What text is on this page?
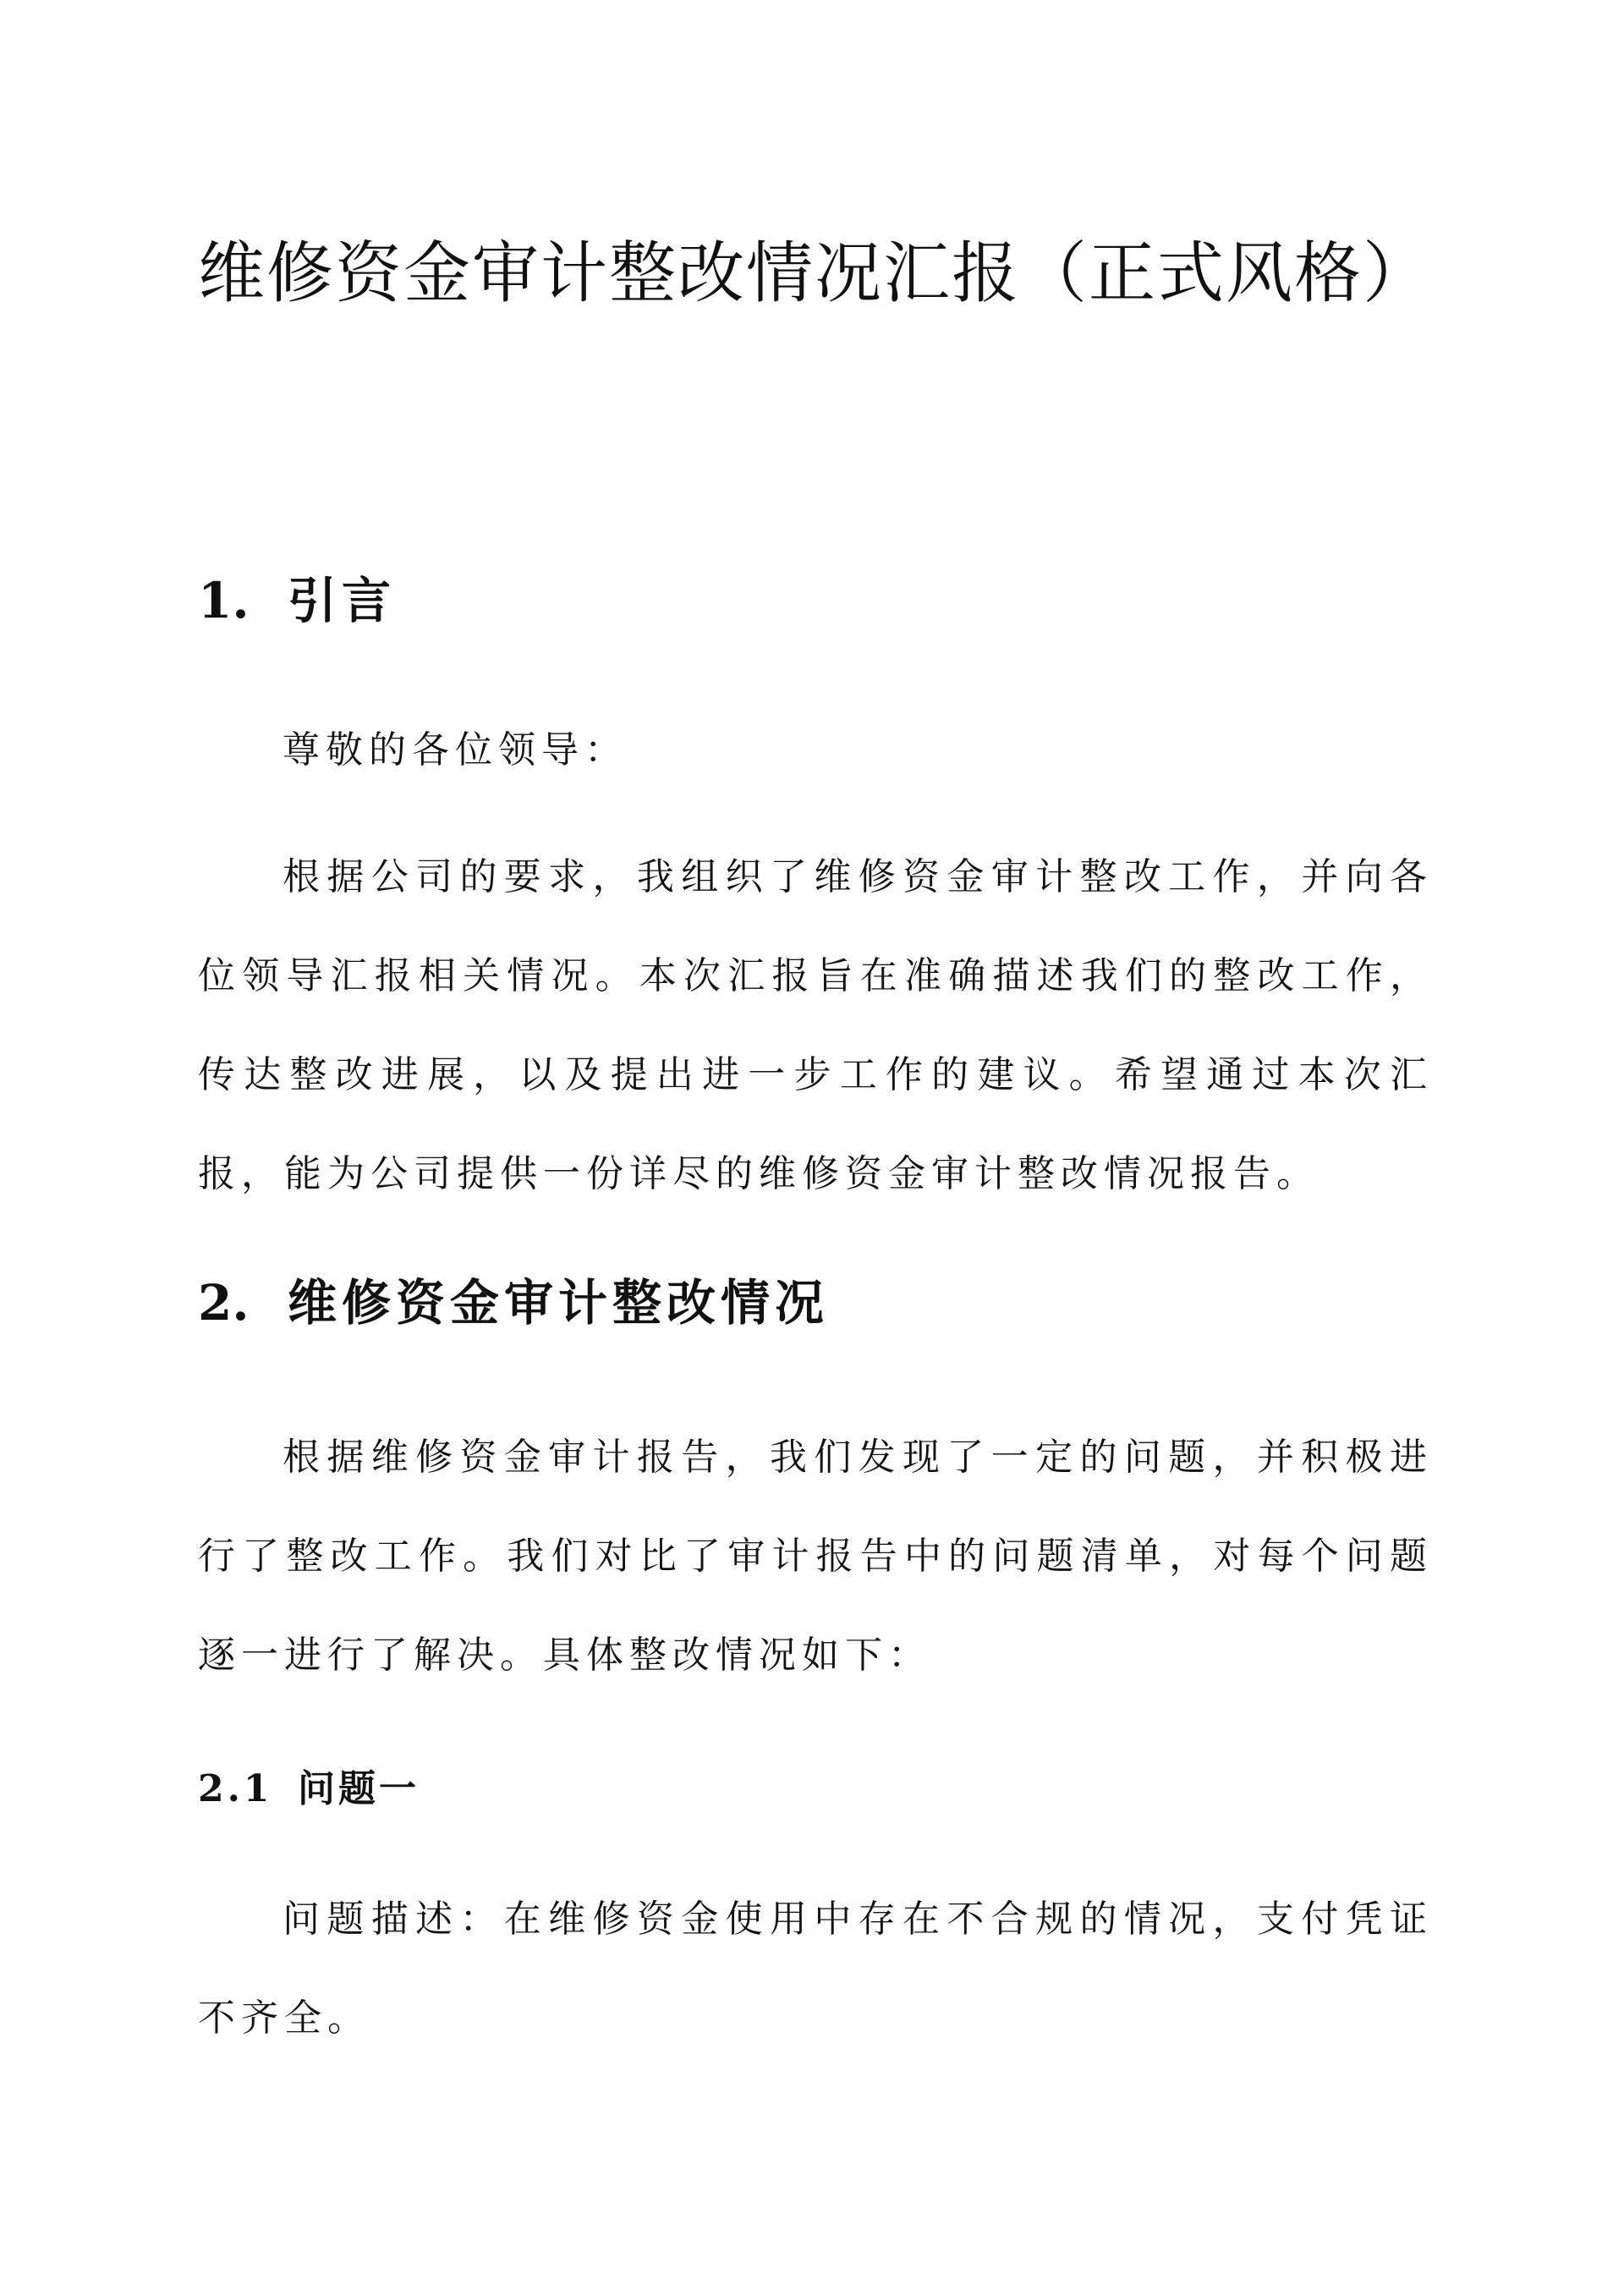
维修资金审计整改情况汇报（正式风格）
1. 引言

尊敬的各位领导：

根据公司的要求，我组织了维修资金审计整改工作，并向各位领导汇报相关情况。本次汇报旨在准确描述我们的整改工作，传达整改进展，以及提出进一步工作的建议。希望通过本次汇报，能为公司提供一份详尽的维修资金审计整改情况报告。

2. 维修资金审计整改情况

根据维修资金审计报告，我们发现了一定的问题，并积极进行了整改工作。我们对比了审计报告中的问题清单，对每个问题逐一进行了解决。具体整改情况如下：

2.1 问题一

问题描述：在维修资金使用中存在不合规的情况，支付凭证不齐全。
